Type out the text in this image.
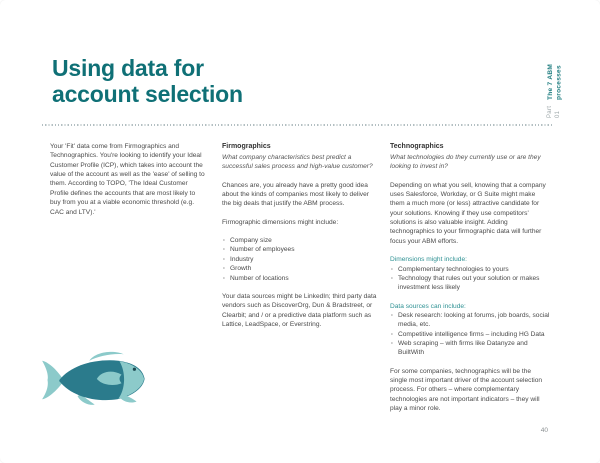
Using data for
account selection
Part 01
The 7 ABM processes

Your 'Fit' data come from Firmographics and Technographics. You're looking to identify your Ideal Customer Profile (ICP), which takes into account the value of the account as well as the 'ease' of selling to them. According to TOPO, 'The Ideal Customer Profile defines the accounts that are most likely to buy from you at a viable economic threshold (e.g. CAC and LTV).'

Firmographics

What company characteristics best predict a successful sales process and high-value customer?

Chances are, you already have a pretty good idea about the kinds of companies most likely to deliver the big deals that justify the ABM process.

Firmographic dimensions might include:

· Company size
· Number of employees
· Industry
· Growth
· Number of locations

Your data sources might be LinkedIn; third party data vendors such as DiscoverOrg, Dun & Bradstreet, or Clearbit; and / or a predictive data platform such as Lattice, LeadSpace, or Everstring.

Technographics

What technologies do they currently use or are they looking to invest in?

Depending on what you sell, knowing that a company uses Salesforce, Workday, or G Suite might make them a much more (or less) attractive candidate for your solutions. Knowing if they use competitors' solutions is also valuable insight. Adding technographics to your firmographic data will further focus your ABM efforts.

Dimensions might include:

· Complementary technologies to yours
· Technology that rules out your solution or makes investment less likely

Data sources can include:

· Desk research: looking at forums, job boards, social media, etc.
· Competitive intelligence firms – including HG Data
· Web scraping – with firms like Datanyze and BuiltWith

For some companies, technographics will be the single most important driver of the account selection process. For others – where complementary technologies are not important indicators – they will play a minor role.

40
